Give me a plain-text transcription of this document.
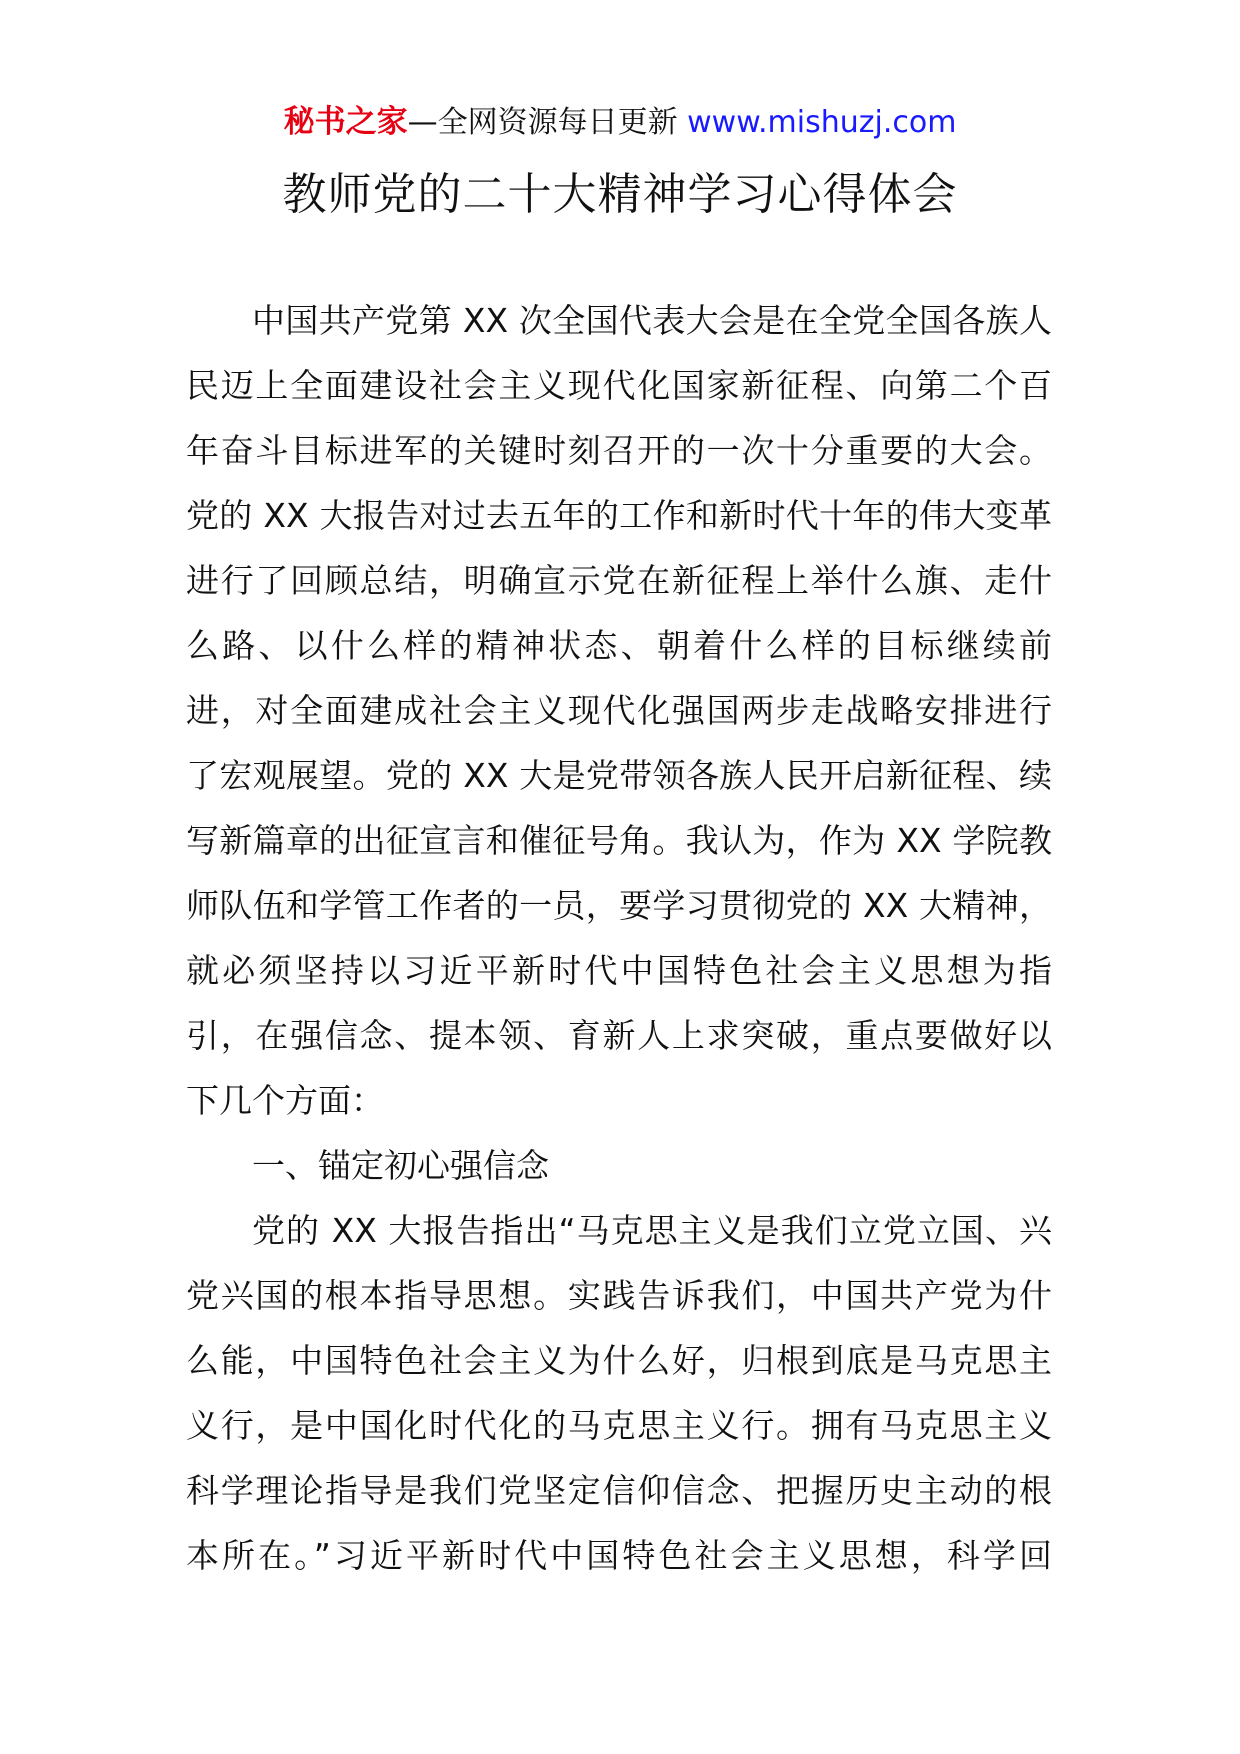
秘书之家—全网资源每日更新 www.mishuzj.com
教师党的二十大精神学习心得体会
中国共产党第 XX 次全国代表大会是在全党全国各族人
民迈上全面建设社会主义现代化国家新征程、向第二个百
年奋斗目标进军的关键时刻召开的一次十分重要的大会。
党的 XX 大报告对过去五年的工作和新时代十年的伟大变革
进行了回顾总结，明确宣示党在新征程上举什么旗、走什
么路、以什么样的精神状态、朝着什么样的目标继续前
进，对全面建成社会主义现代化强国两步走战略安排进行
了宏观展望。党的 XX 大是党带领各族人民开启新征程、续
写新篇章的出征宣言和催征号角。我认为，作为 XX 学院教
师队伍和学管工作者的一员，要学习贯彻党的 XX 大精神，
就必须坚持以习近平新时代中国特色社会主义思想为指
引，在强信念、提本领、育新人上求突破，重点要做好以
下几个方面：
一、锚定初心强信念
党的 XX 大报告指出“马克思主义是我们立党立国、兴
党兴国的根本指导思想。实践告诉我们，中国共产党为什
么能，中国特色社会主义为什么好，归根到底是马克思主
义行，是中国化时代化的马克思主义行。拥有马克思主义
科学理论指导是我们党坚定信仰信念、把握历史主动的根
本所在。”习近平新时代中国特色社会主义思想，科学回
